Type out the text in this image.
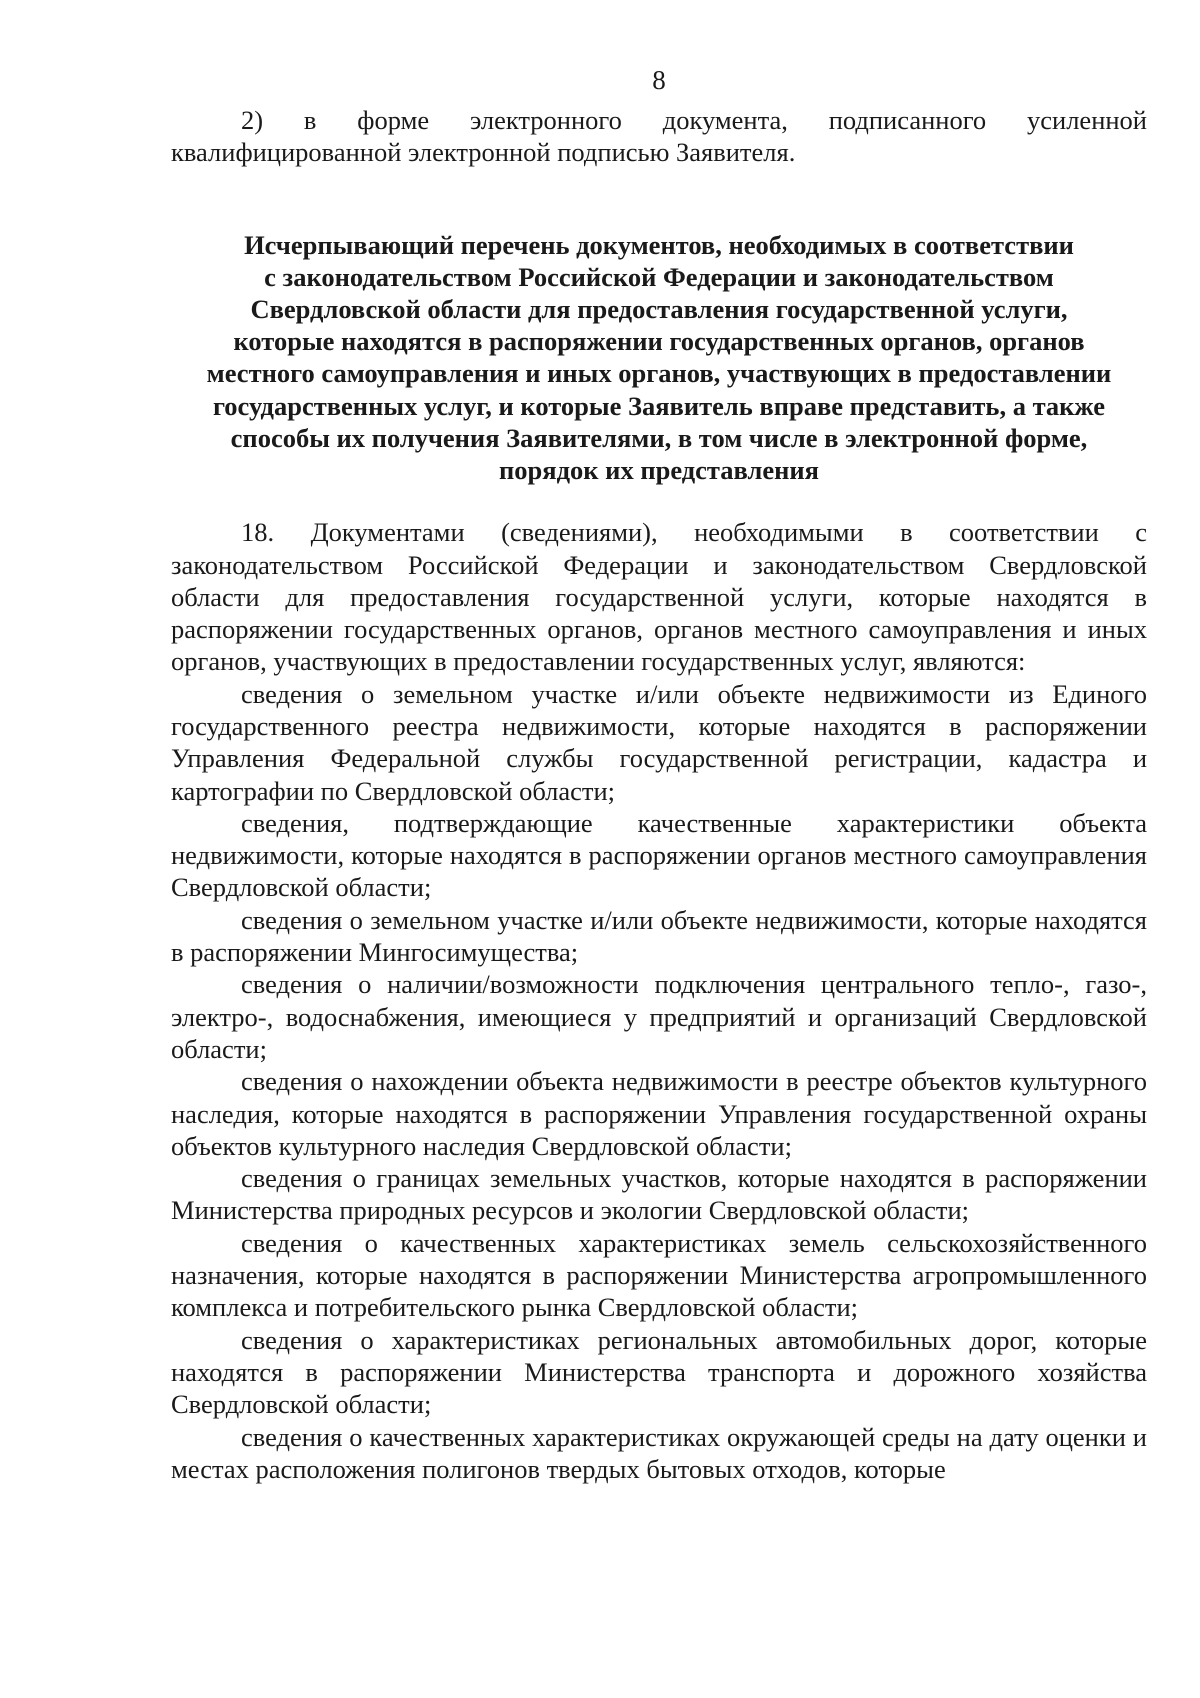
8

2) в форме электронного документа, подписанного усиленной квалифицированной электронной подписью Заявителя.

Исчерпывающий перечень документов, необходимых в соответствии
с законодательством Российской Федерации и законодательством
Свердловской области для предоставления государственной услуги,
которые находятся в распоряжении государственных органов, органов
местного самоуправления и иных органов, участвующих в предоставлении
государственных услуг, и которые Заявитель вправе представить, а также
способы их получения Заявителями, в том числе в электронной форме,
порядок их представления

18. Документами (сведениями), необходимыми в соответствии с законодательством Российской Федерации и законодательством Свердловской области для предоставления государственной услуги, которые находятся в распоряжении государственных органов, органов местного самоуправления и иных органов, участвующих в предоставлении государственных услуг, являются:

сведения о земельном участке и/или объекте недвижимости из Единого государственного реестра недвижимости, которые находятся в распоряжении Управления Федеральной службы государственной регистрации, кадастра и картографии по Свердловской области;

сведения, подтверждающие качественные характеристики объекта недвижимости, которые находятся в распоряжении органов местного самоуправления Свердловской области;

сведения о земельном участке и/или объекте недвижимости, которые находятся в распоряжении Мингосимущества;

сведения о наличии/возможности подключения центрального тепло-, газо-, электро-, водоснабжения, имеющиеся у предприятий и организаций Свердловской области;

сведения о нахождении объекта недвижимости в реестре объектов культурного наследия, которые находятся в распоряжении Управления государственной охраны объектов культурного наследия Свердловской области;

сведения о границах земельных участков, которые находятся в распоряжении Министерства природных ресурсов и экологии Свердловской области;

сведения о качественных характеристиках земель сельскохозяйственного назначения, которые находятся в распоряжении Министерства агропромышленного комплекса и потребительского рынка Свердловской области;

сведения о характеристиках региональных автомобильных дорог, которые находятся в распоряжении Министерства транспорта и дорожного хозяйства Свердловской области;

сведения о качественных характеристиках окружающей среды на дату оценки и местах расположения полигонов твердых бытовых отходов, которые
